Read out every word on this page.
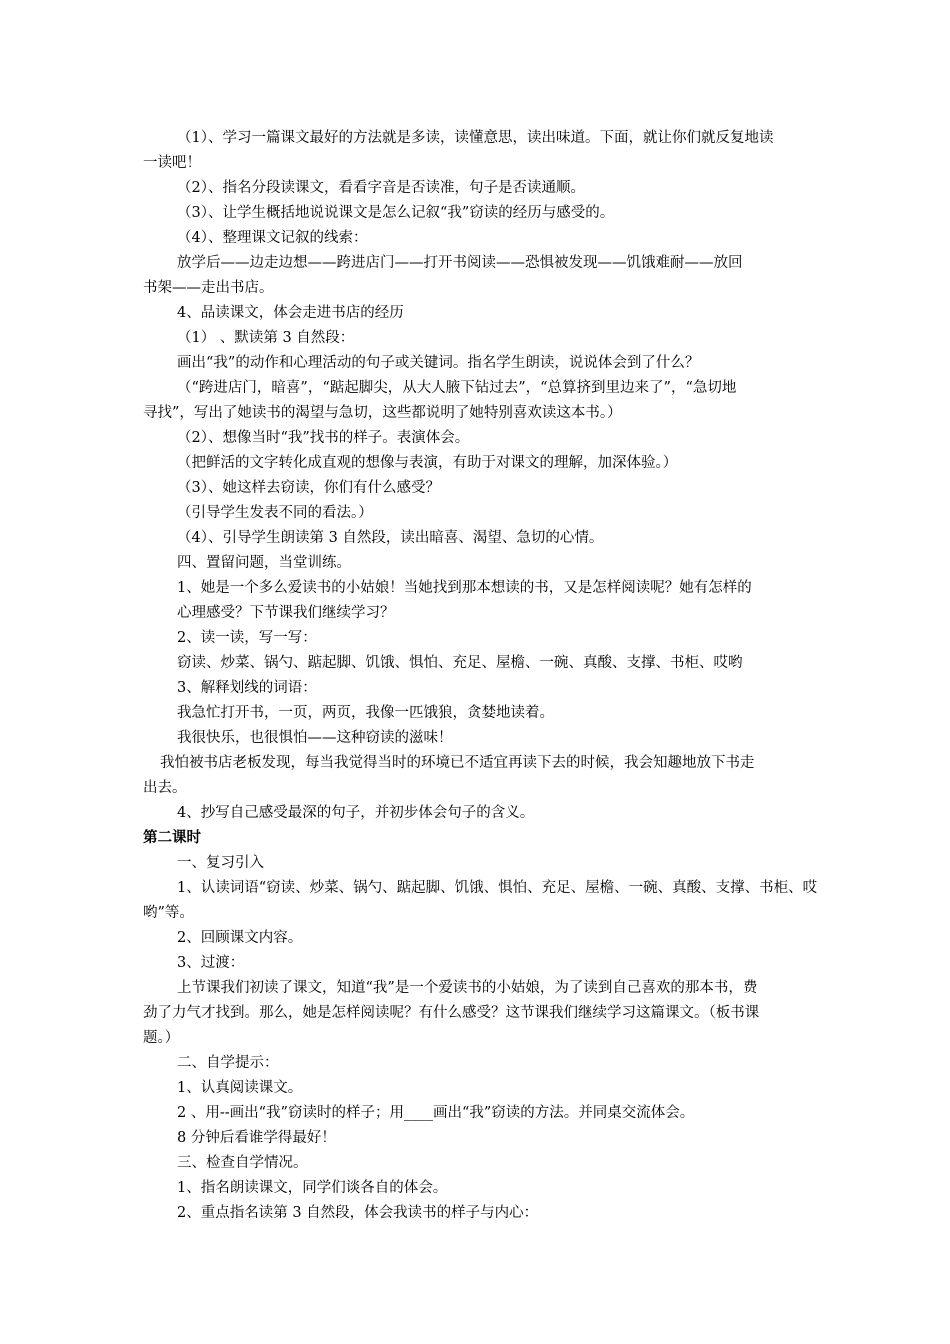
（1）、学习一篇课文最好的方法就是多读，读懂意思，读出味道。下面，就让你们就反复地读
一读吧！
（2）、指名分段读课文，看看字音是否读准，句子是否读通顺。
（3）、让学生概括地说说课文是怎么记叙“我”窃读的经历与感受的。
（4）、整理课文记叙的线索：
放学后——边走边想——跨进店门——打开书阅读——恐惧被发现——饥饿难耐——放回
书架——走出书店。
4、品读课文，体会走进书店的经历
（1） 、默读第 3 自然段：
画出“我”的动作和心理活动的句子或关键词。指名学生朗读，说说体会到了什么？
（“跨进店门，暗喜”，“踮起脚尖，从大人腋下钻过去”，“总算挤到里边来了”，“急切地
寻找”，写出了她读书的渴望与急切，这些都说明了她特别喜欢读这本书。）
（2）、想像当时“我”找书的样子。表演体会。
（把鲜活的文字转化成直观的想像与表演，有助于对课文的理解，加深体验。）
（3）、她这样去窃读，你们有什么感受？
（引导学生发表不同的看法。）
（4）、引导学生朗读第 3 自然段，读出暗喜、渴望、急切的心情。
四、置留问题，当堂训练。
1、她是一个多么爱读书的小姑娘！当她找到那本想读的书，又是怎样阅读呢？她有怎样的
心理感受？下节课我们继续学习？
2、读一读，写一写：
窃读、炒菜、锅勺、踮起脚、饥饿、惧怕、充足、屋檐、一碗、真酸、支撑、书柜、哎哟
3、解释划线的词语：
我急忙打开书，一页，两页，我像一匹饿狼，贪婪地读着。
我很快乐，也很惧怕——这种窃读的滋味！
我怕被书店老板发现，每当我觉得当时的环境已不适宜再读下去的时候，我会知趣地放下书走
出去。
4、抄写自己感受最深的句子，并初步体会句子的含义。
第二课时
一、复习引入
1、认读词语“窃读、炒菜、锅勺、踮起脚、饥饿、惧怕、充足、屋檐、一碗、真酸、支撑、书柜、哎
哟”等。
2、回顾课文内容。
3、过渡：
上节课我们初读了课文，知道“我”是一个爱读书的小姑娘，为了读到自己喜欢的那本书，费
劲了力气才找到。那么，她是怎样阅读呢？有什么感受？这节课我们继续学习这篇课文。（板书课
题。）
二、自学提示：
1、认真阅读课文。
2 、用--画出“我”窃读时的样子；用____画出“我”窃读的方法。并同桌交流体会。
8 分钟后看谁学得最好！
三、检查自学情况。
1、指名朗读课文，同学们谈各自的体会。
2、重点指名读第 3 自然段，体会我读书的样子与内心：
